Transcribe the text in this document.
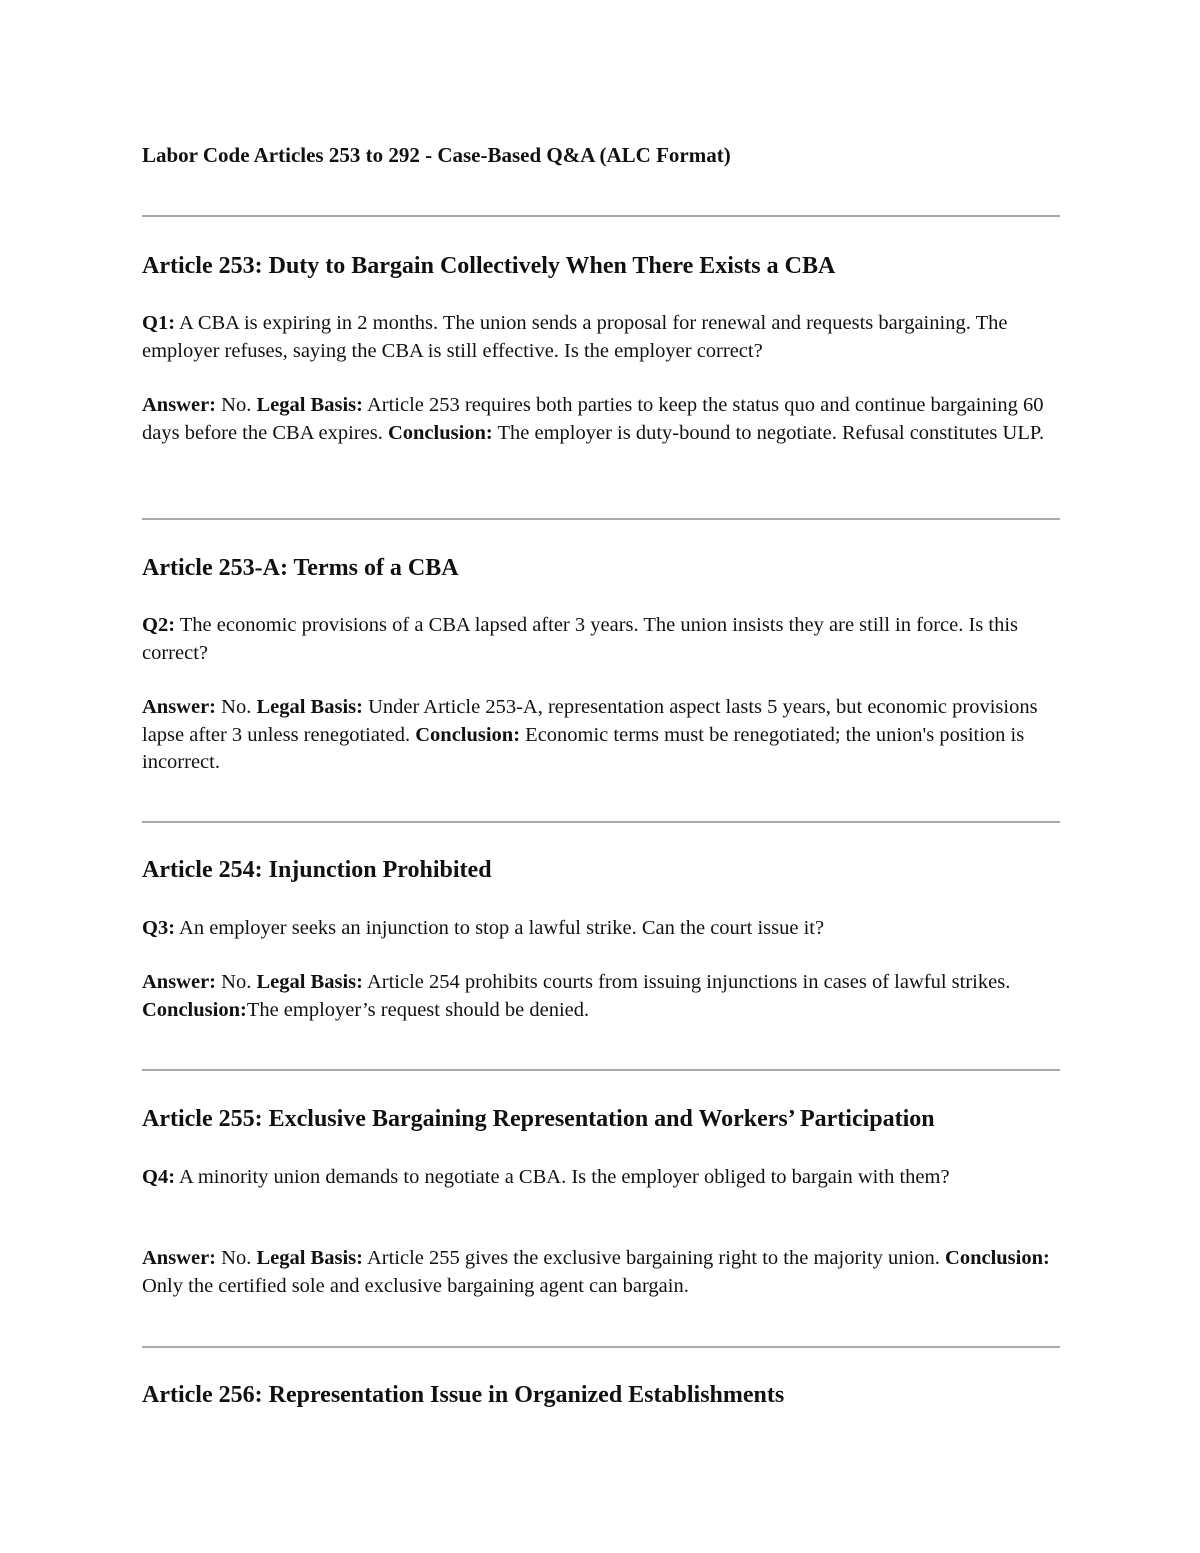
Labor Code Articles 253 to 292 - Case-Based Q&A (ALC Format)
Article 253: Duty to Bargain Collectively When There Exists a CBA
Q1: A CBA is expiring in 2 months. The union sends a proposal for renewal and requests bargaining. The employer refuses, saying the CBA is still effective. Is the employer correct?
Answer: No. Legal Basis: Article 253 requires both parties to keep the status quo and continue bargaining 60 days before the CBA expires. Conclusion: The employer is duty-bound to negotiate. Refusal constitutes ULP.
Article 253-A: Terms of a CBA
Q2: The economic provisions of a CBA lapsed after 3 years. The union insists they are still in force. Is this correct?
Answer: No. Legal Basis: Under Article 253-A, representation aspect lasts 5 years, but economic provisions lapse after 3 unless renegotiated. Conclusion: Economic terms must be renegotiated; the union's position is incorrect.
Article 254: Injunction Prohibited
Q3: An employer seeks an injunction to stop a lawful strike. Can the court issue it?
Answer: No. Legal Basis: Article 254 prohibits courts from issuing injunctions in cases of lawful strikes. Conclusion:The employer’s request should be denied.
Article 255: Exclusive Bargaining Representation and Workers’ Participation
Q4: A minority union demands to negotiate a CBA. Is the employer obliged to bargain with them?
Answer: No. Legal Basis: Article 255 gives the exclusive bargaining right to the majority union. Conclusion: Only the certified sole and exclusive bargaining agent can bargain.
Article 256: Representation Issue in Organized Establishments
